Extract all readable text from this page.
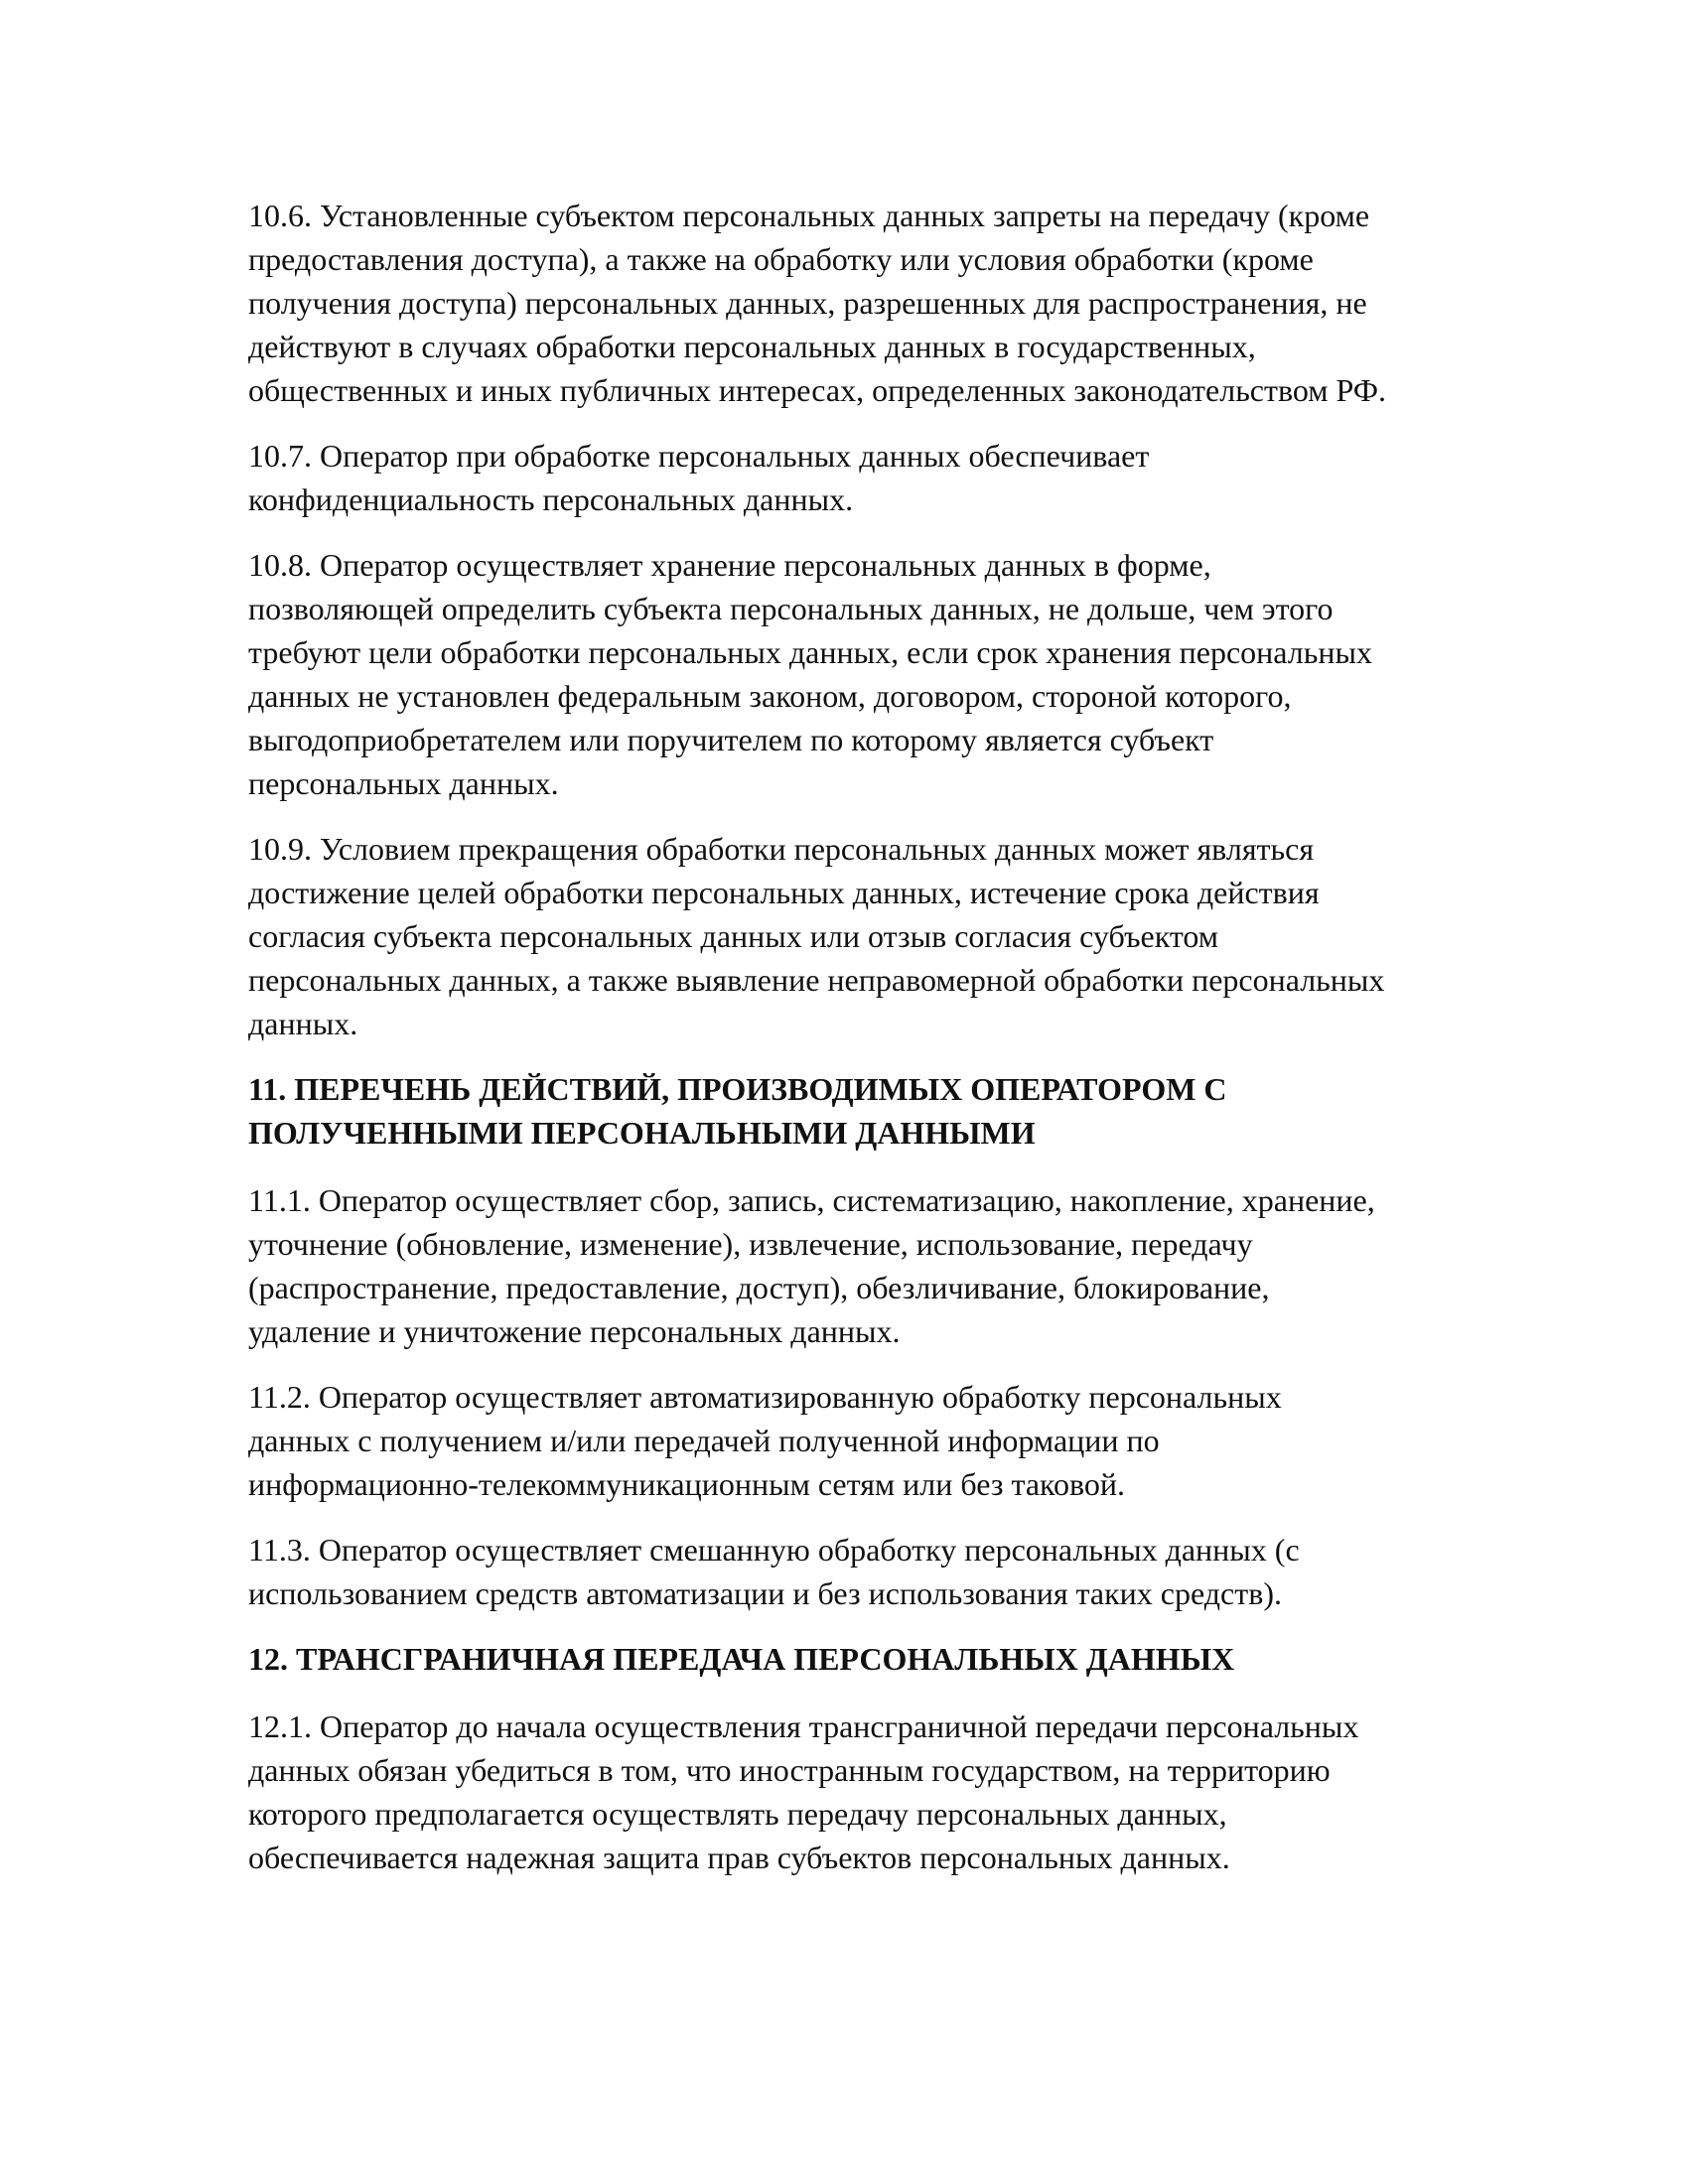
10.6. Установленные субъектом персональных данных запреты на передачу (кроме
предоставления доступа), а также на обработку или условия обработки (кроме
получения доступа) персональных данных, разрешенных для распространения, не
действуют в случаях обработки персональных данных в государственных,
общественных и иных публичных интересах, определенных законодательством РФ.
10.7. Оператор при обработке персональных данных обеспечивает
конфиденциальность персональных данных.
10.8. Оператор осуществляет хранение персональных данных в форме,
позволяющей определить субъекта персональных данных, не дольше, чем этого
требуют цели обработки персональных данных, если срок хранения персональных
данных не установлен федеральным законом, договором, стороной которого,
выгодоприобретателем или поручителем по которому является субъект
персональных данных.
10.9. Условием прекращения обработки персональных данных может являться
достижение целей обработки персональных данных, истечение срока действия
согласия субъекта персональных данных или отзыв согласия субъектом
персональных данных, а также выявление неправомерной обработки персональных
данных.
11. ПЕРЕЧЕНЬ ДЕЙСТВИЙ, ПРОИЗВОДИМЫХ ОПЕРАТОРОМ С
ПОЛУЧЕННЫМИ ПЕРСОНАЛЬНЫМИ ДАННЫМИ
11.1. Оператор осуществляет сбор, запись, систематизацию, накопление, хранение,
уточнение (обновление, изменение), извлечение, использование, передачу
(распространение, предоставление, доступ), обезличивание, блокирование,
удаление и уничтожение персональных данных.
11.2. Оператор осуществляет автоматизированную обработку персональных
данных с получением и/или передачей полученной информации по
информационно-телекоммуникационным сетям или без таковой.
11.3. Оператор осуществляет смешанную обработку персональных данных (с
использованием средств автоматизации и без использования таких средств).
12. ТРАНСГРАНИЧНАЯ ПЕРЕДАЧА ПЕРСОНАЛЬНЫХ ДАННЫХ
12.1. Оператор до начала осуществления трансграничной передачи персональных
данных обязан убедиться в том, что иностранным государством, на территорию
которого предполагается осуществлять передачу персональных данных,
обеспечивается надежная защита прав субъектов персональных данных.
